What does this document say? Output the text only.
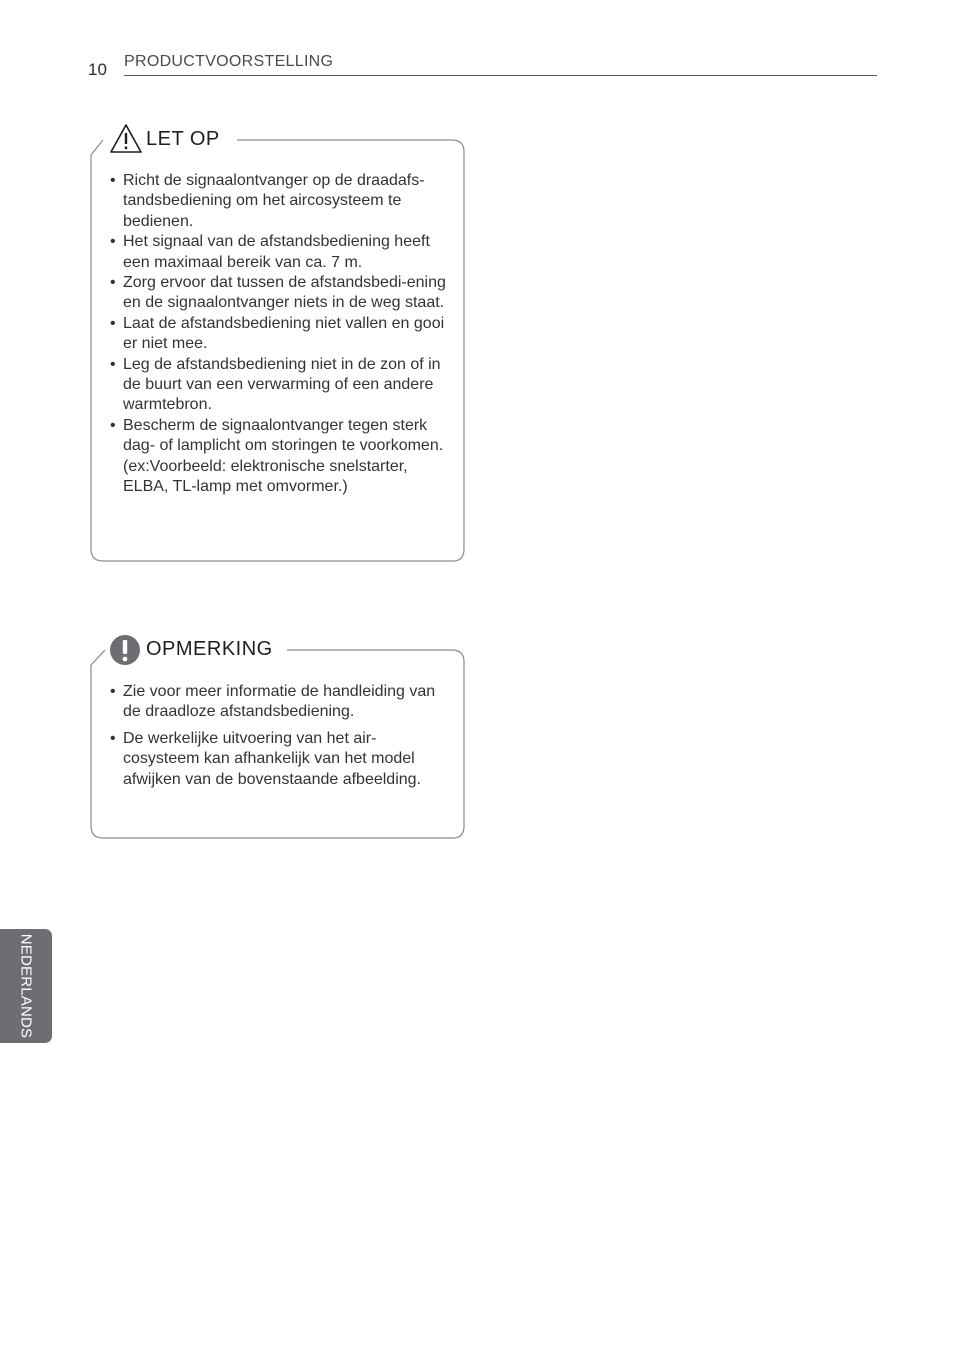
10 PRODUCTVOORSTELLING
LET OP
• Richt de signaalontvanger op de draadafs-tandsbediening om het aircosysteem te bedienen.
• Het signaal van de afstandsbediening heeft een maximaal bereik van ca. 7 m.
• Zorg ervoor dat tussen de afstandsbedi-ening en de signaalontvanger niets in de weg staat.
• Laat de afstandsbediening niet vallen en gooi er niet mee.
• Leg de afstandsbediening niet in de zon of in de buurt van een verwarming of een andere warmtebron.
• Bescherm de signaalontvanger tegen sterk dag- of lamplicht om storingen te voorkomen. (ex:Voorbeeld: elektronische snelstarter, ELBA, TL-lamp met omvormer.)
OPMERKING
• Zie voor meer informatie de handleiding van de draadloze afstandsbediening.
• De werkelijke uitvoering van het air-cosysteem kan afhankelijk van het model afwijken van de bovenstaande afbeelding.
NEDERLANDS
